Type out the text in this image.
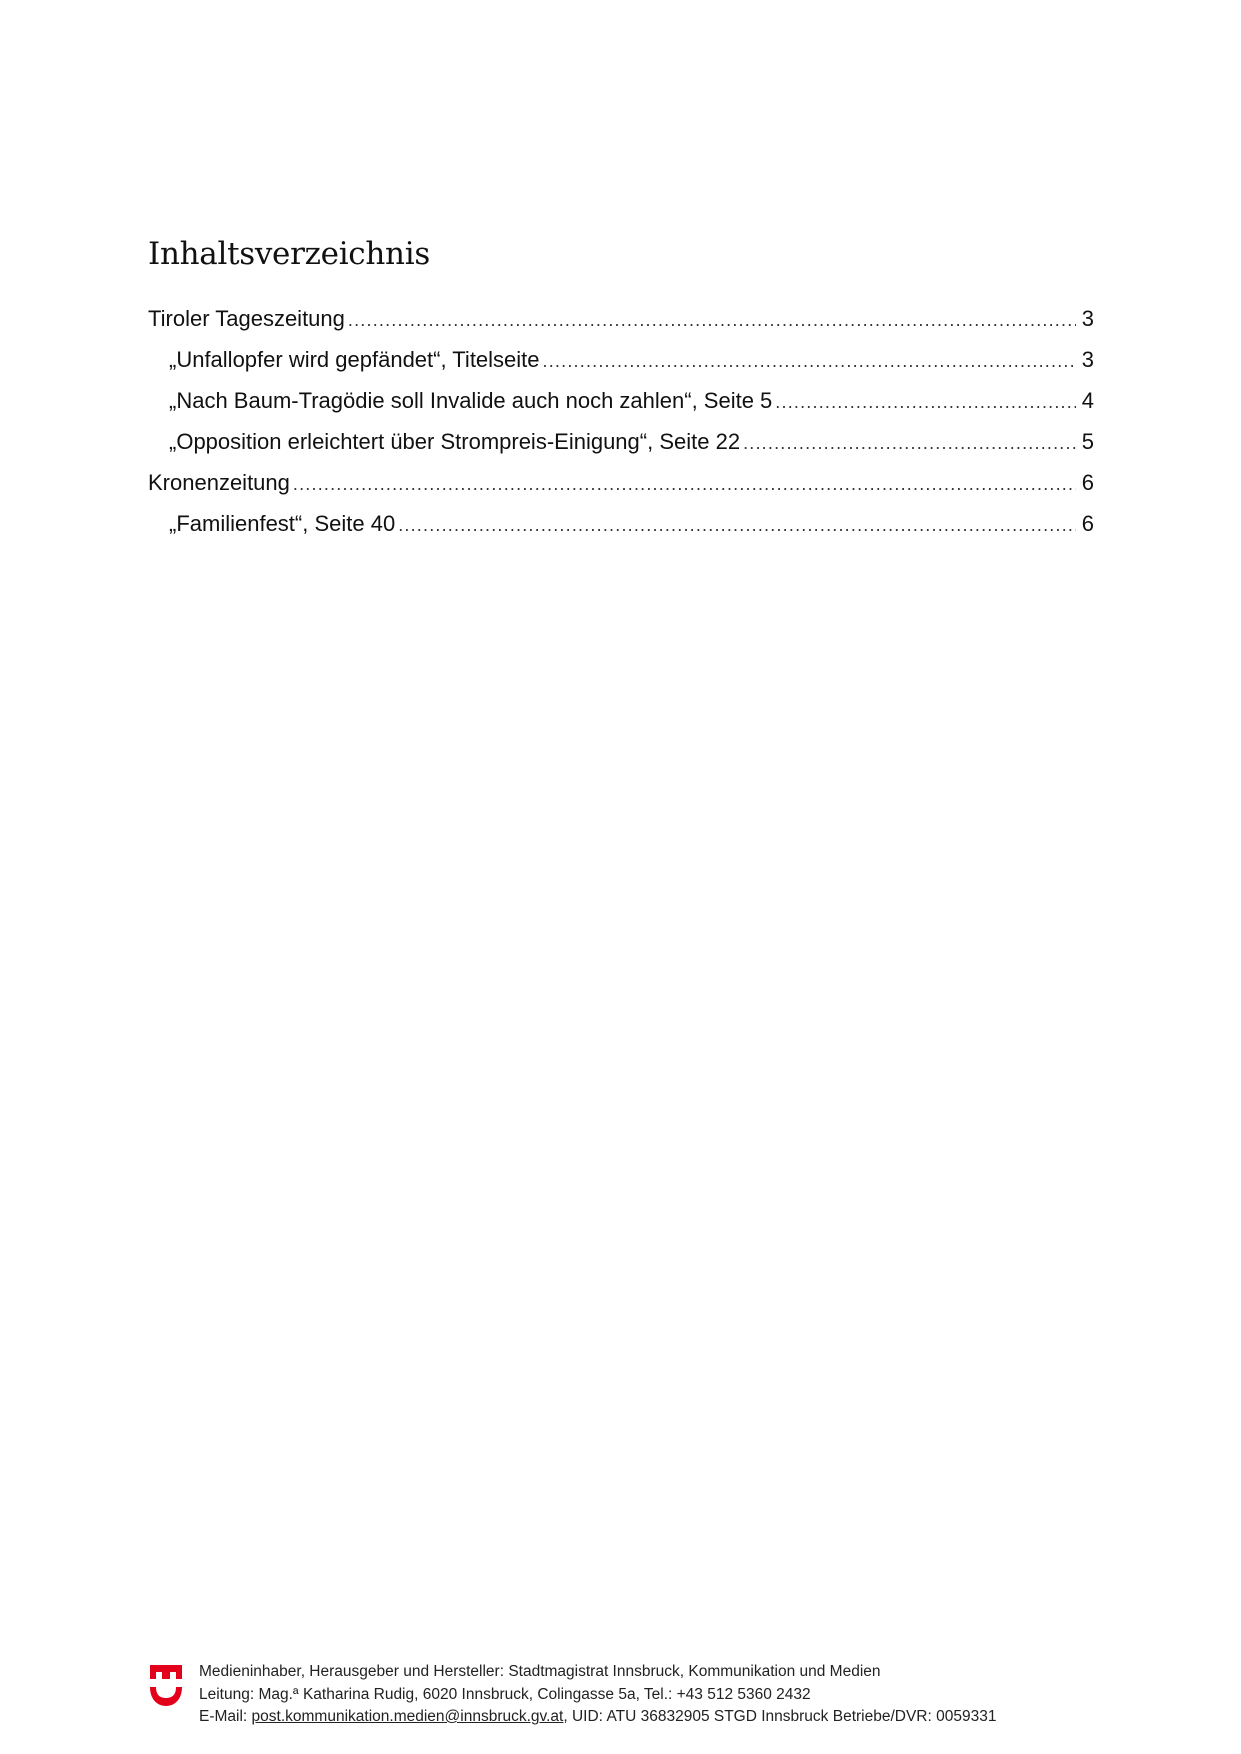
Inhaltsverzeichnis
Tiroler Tageszeitung .....	3
„Unfallopfer wird gepfändet“, Titelseite .....	3
„Nach Baum-Tragödie soll Invalide auch noch zahlen“, Seite 5 .....	4
„Opposition erleichtert über Strompreis-Einigung“, Seite 22 .....	5
Kronenzeitung .....	6
„Familienfest“, Seite 40 .....	6
Medieninhaber, Herausgeber und Hersteller: Stadtmagistrat Innsbruck, Kommunikation und Medien
Leitung: Mag.ª Katharina Rudig, 6020 Innsbruck, Colingasse 5a, Tel.: +43 512 5360 2432
E-Mail: post.kommunikation.medien@innsbruck.gv.at, UID: ATU 36832905 STGD Innsbruck Betriebe/DVR: 0059331
